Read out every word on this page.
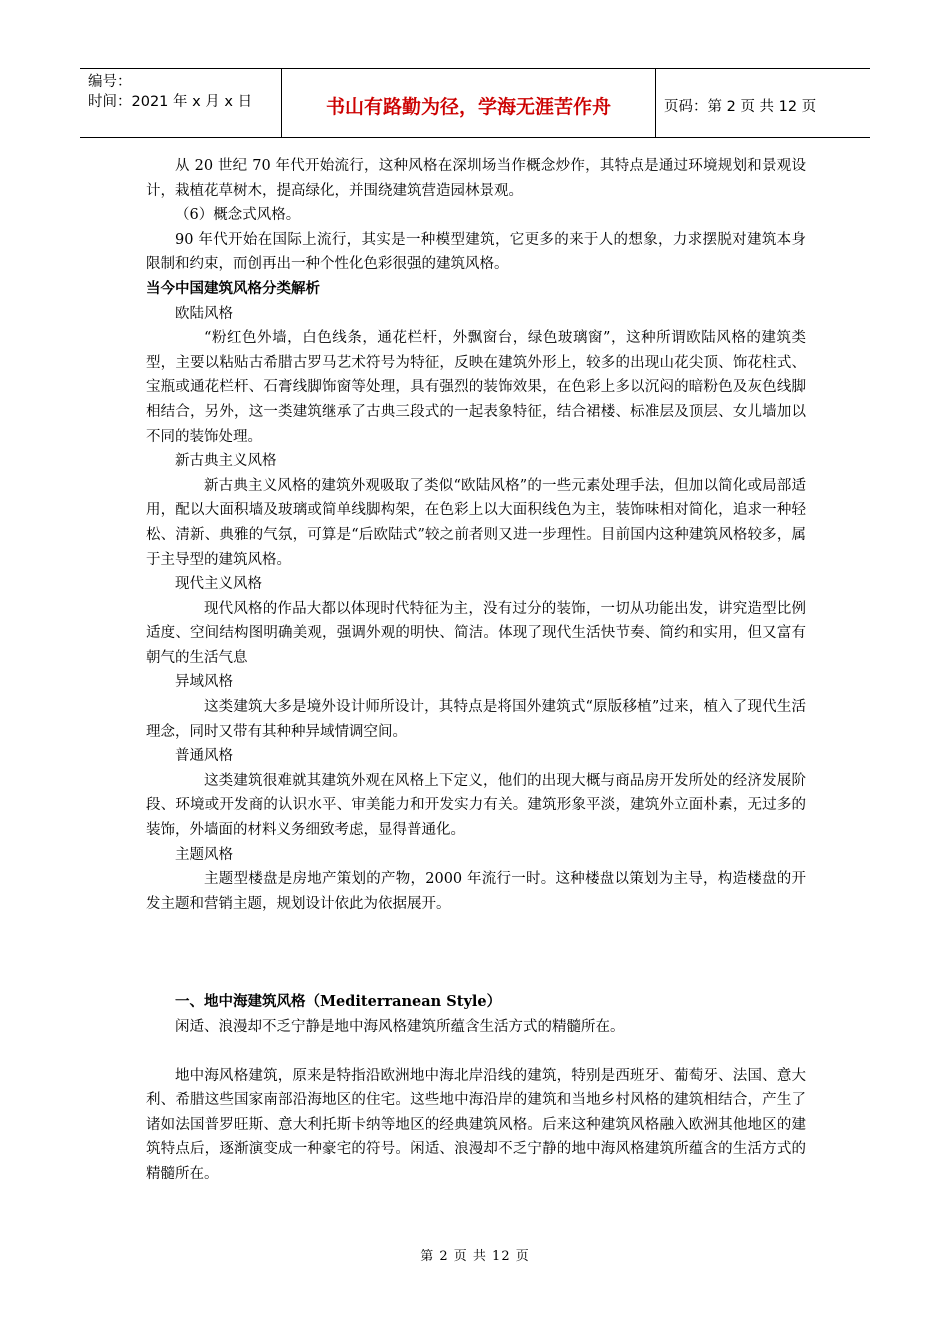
编号：
时间：2021 年 x 月 x 日	书山有路勤为径，学海无涯苦作舟	页码：第 2 页 共 12 页

从 20 世纪 70 年代开始流行，这种风格在深圳场当作概念炒作，其特点是通过环境规划和景观设计，栽植花草树木，提高绿化，并围绕建筑营造园林景观。

（6）概念式风格。

90 年代开始在国际上流行，其实是一种模型建筑，它更多的来于人的想象，力求摆脱对建筑本身限制和约束，而创再出一种个性化色彩很强的建筑风格。

当今中国建筑风格分类解析

欧陆风格

“粉红色外墙，白色线条，通花栏杆，外飘窗台，绿色玻璃窗”，这种所谓欧陆风格的建筑类型，主要以粘贴古希腊古罗马艺术符号为特征，反映在建筑外形上，较多的出现山花尖顶、饰花柱式、宝瓶或通花栏杆、石膏线脚饰窗等处理，具有强烈的装饰效果，在色彩上多以沉闷的暗粉色及灰色线脚相结合，另外，这一类建筑继承了古典三段式的一起表象特征，结合裙楼、标准层及顶层、女儿墙加以不同的装饰处理。

新古典主义风格

新古典主义风格的建筑外观吸取了类似“欧陆风格”的一些元素处理手法，但加以简化或局部适用，配以大面积墙及玻璃或简单线脚构架，在色彩上以大面积线色为主，装饰味相对简化，追求一种轻松、清新、典雅的气氛，可算是“后欧陆式”较之前者则又进一步理性。目前国内这种建筑风格较多，属于主导型的建筑风格。

现代主义风格

现代风格的作品大都以体现时代特征为主，没有过分的装饰，一切从功能出发，讲究造型比例适度、空间结构图明确美观，强调外观的明快、简洁。体现了现代生活快节奏、简约和实用，但又富有朝气的生活气息

异域风格

这类建筑大多是境外设计师所设计，其特点是将国外建筑式“原版移植”过来，植入了现代生活理念，同时又带有其种种异域情调空间。

普通风格

这类建筑很难就其建筑外观在风格上下定义，他们的出现大概与商品房开发所处的经济发展阶段、环境或开发商的认识水平、审美能力和开发实力有关。建筑形象平淡，建筑外立面朴素，无过多的装饰，外墙面的材料义务细致考虑，显得普通化。

主题风格

主题型楼盘是房地产策划的产物，2000 年流行一时。这种楼盘以策划为主导，构造楼盘的开发主题和营销主题，规划设计依此为依据展开。

一、地中海建筑风格（Mediterranean Style）

闲适、浪漫却不乏宁静是地中海风格建筑所蕴含生活方式的精髓所在。

地中海风格建筑，原来是特指沿欧洲地中海北岸沿线的建筑，特别是西班牙、葡萄牙、法国、意大利、希腊这些国家南部沿海地区的住宅。这些地中海沿岸的建筑和当地乡村风格的建筑相结合，产生了诸如法国普罗旺斯、意大利托斯卡纳等地区的经典建筑风格。后来这种建筑风格融入欧洲其他地区的建筑特点后，逐渐演变成一种豪宅的符号。闲适、浪漫却不乏宁静的地中海风格建筑所蕴含的生活方式的精髓所在。

第 2 页 共 12 页
